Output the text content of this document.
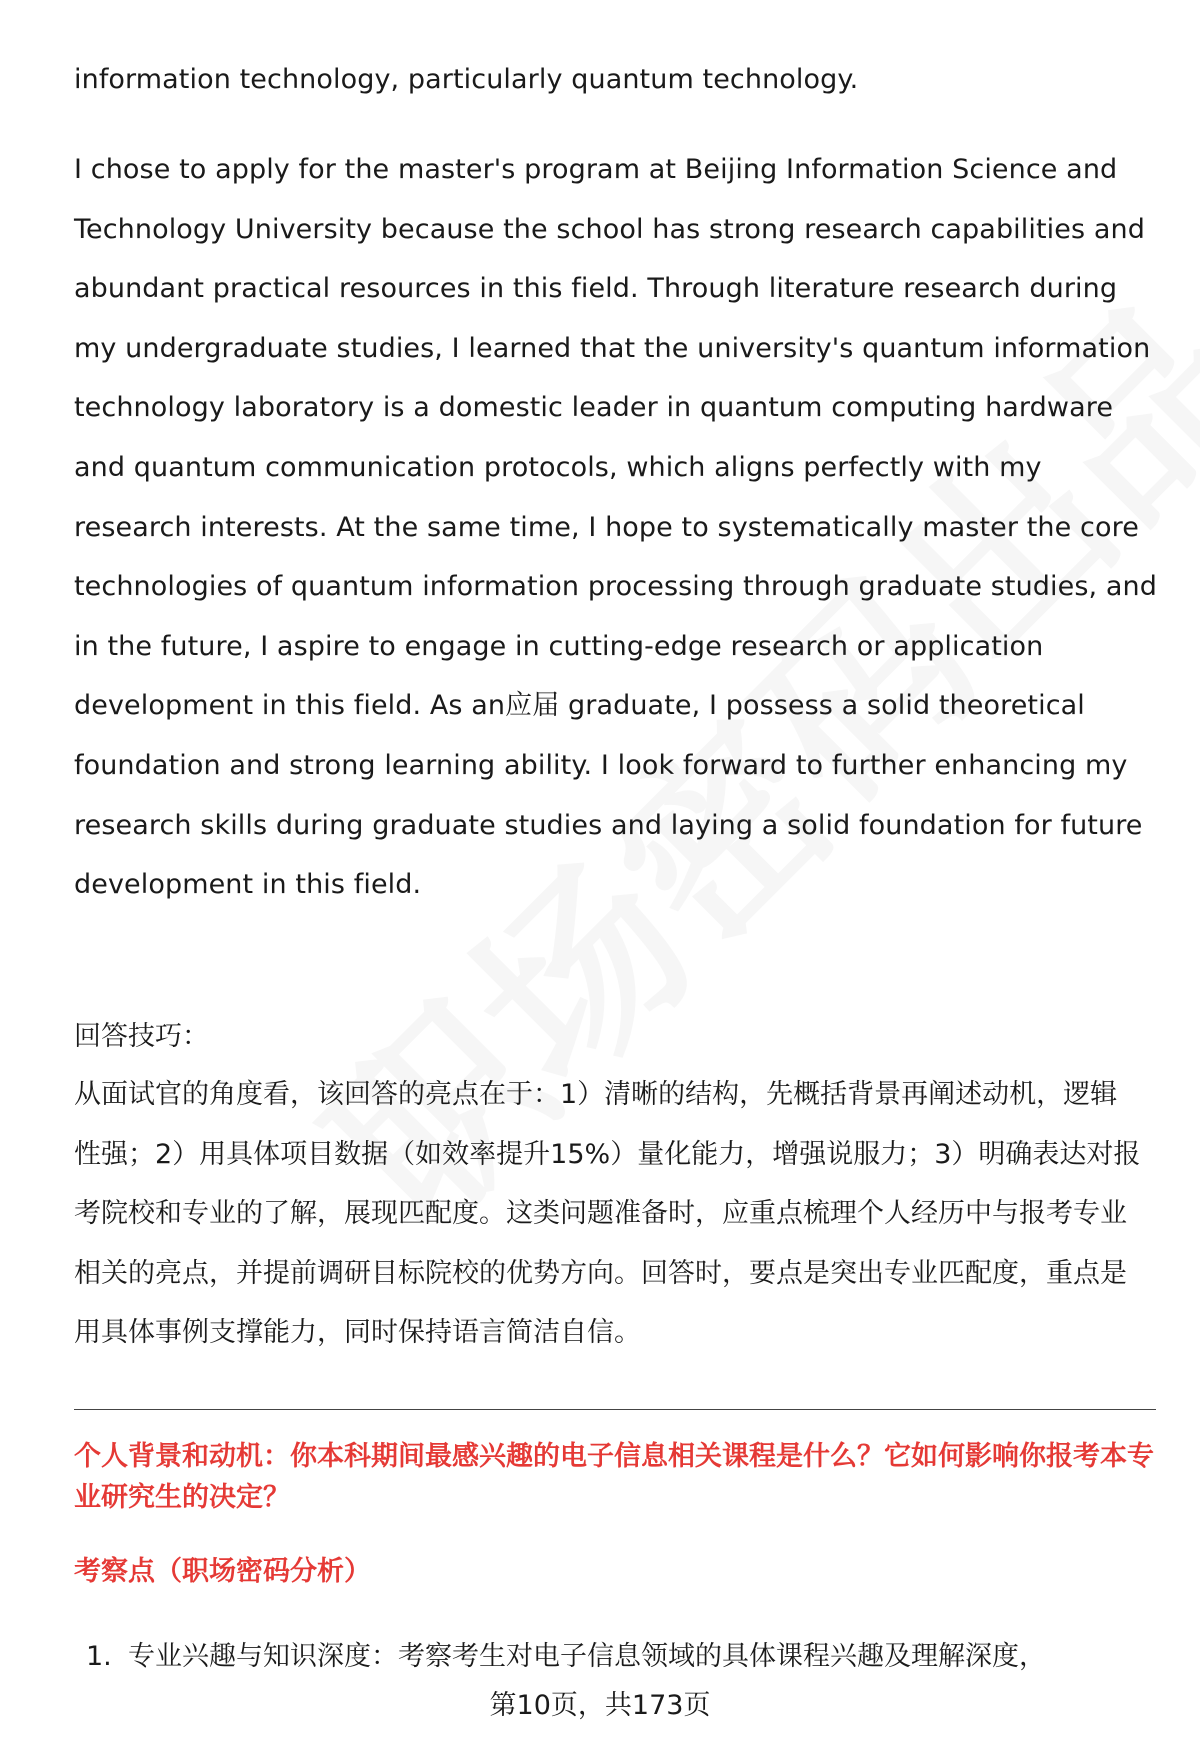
information technology, particularly quantum technology.

I chose to apply for the master's program at Beijing Information Science and Technology University because the school has strong research capabilities and abundant practical resources in this field. Through literature research during my undergraduate studies, I learned that the university's quantum information technology laboratory is a domestic leader in quantum computing hardware and quantum communication protocols, which aligns perfectly with my research interests. At the same time, I hope to systematically master the core technologies of quantum information processing through graduate studies, and in the future, I aspire to engage in cutting-edge research or application development in this field. As an应届 graduate, I possess a solid theoretical foundation and strong learning ability. I look forward to further enhancing my research skills during graduate studies and laying a solid foundation for future development in this field.

回答技巧：

从面试官的角度看，该回答的亮点在于：1）清晰的结构，先概括背景再阐述动机，逻辑性强；2）用具体项目数据（如效率提升15%）量化能力，增强说服力；3）明确表达对报考院校和专业的了解，展现匹配度。这类问题准备时，应重点梳理个人经历中与报考专业相关的亮点，并提前调研目标院校的优势方向。回答时，要点是突出专业匹配度，重点是用具体事例支撑能力，同时保持语言简洁自信。

个人背景和动机：你本科期间最感兴趣的电子信息相关课程是什么？它如何影响你报考本专业研究生的决定？

考察点（职场密码分析）

1. 专业兴趣与知识深度：考察考生对电子信息领域的具体课程兴趣及理解深度，

第10页，共173页
